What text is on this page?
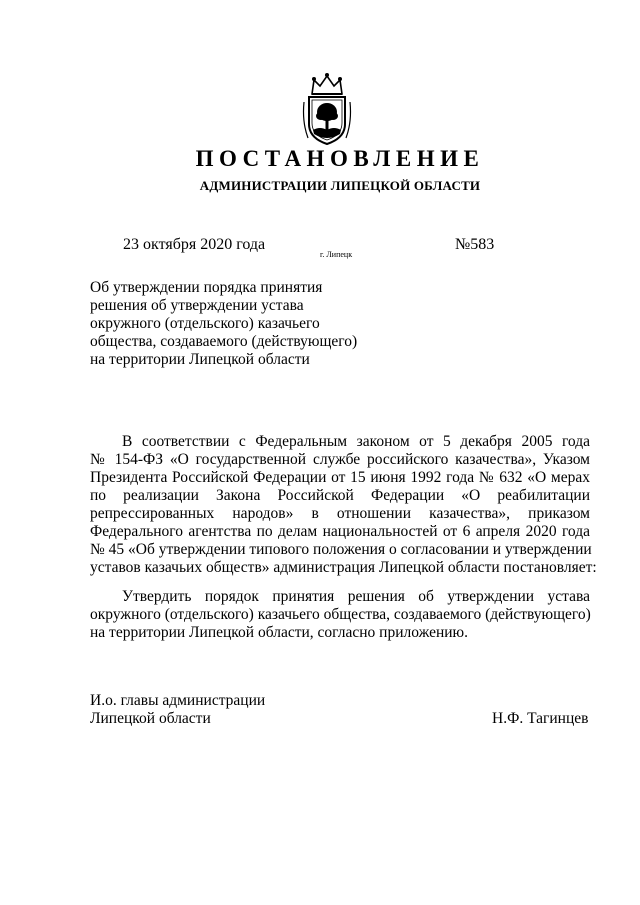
ПОСТАНОВЛЕНИЕ
АДМИНИСТРАЦИИ ЛИПЕЦКОЙ ОБЛАСТИ
23 октября 2020 года
г. Липецк
№583
Об утверждении порядка принятия
решения об утверждении устава
окружного (отдельского) казачьего
общества, создаваемого (действующего)
на территории Липецкой области
В соответствии с Федеральным законом от 5 декабря 2005 года
№ 154-ФЗ «О государственной службе российского казачества», Указом
Президента Российской Федерации от 15 июня 1992 года № 632 «О мерах
по реализации Закона Российской Федерации «О реабилитации
репрессированных народов» в отношении казачества», приказом
Федерального агентства по делам национальностей от 6 апреля 2020 года
№ 45 «Об утверждении типового положения о согласовании и утверждении
уставов казачьих обществ» администрация Липецкой области постановляет:
Утвердить порядок принятия решения об утверждении устава
окружного (отдельского) казачьего общества, создаваемого (действующего)
на территории Липецкой области, согласно приложению.
И.о. главы администрации
Липецкой области	Н.Ф. Тагинцев
